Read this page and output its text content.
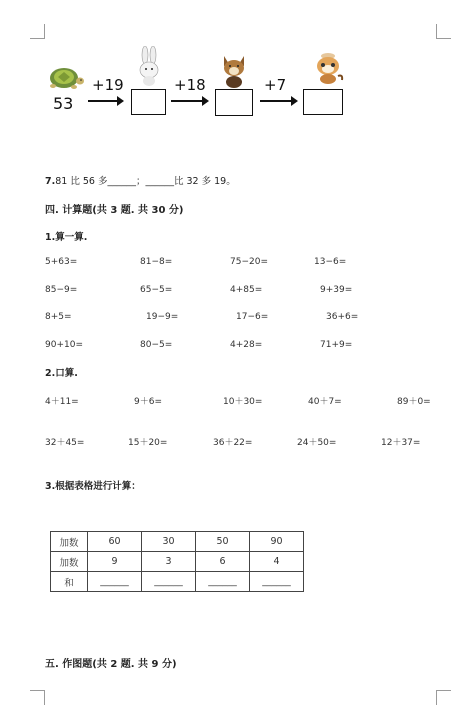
53
+19	+18	+7
7.81 比 56 多______；______比 32 多 19。
四. 计算题(共 3 题. 共 30 分)
1.算一算.
5+63=	81−8=	75−20=	13−6=
85−9=	65−5=	4+85=	9+39=
8+5=	19−9=	17−6=	36+6=
90+10=	80−5=	4+28=	71+9=
2.口算.
4＋11=	9＋6=	10＋30=	40＋7=	89＋0=
32＋45=	15＋20=	36＋22=	24＋50=	12＋37=
3.根据表格进行计算：
加数	60	30	50	90
加数	9	3	6	4
和	______	______	______	______
五. 作图题(共 2 题. 共 9 分)
